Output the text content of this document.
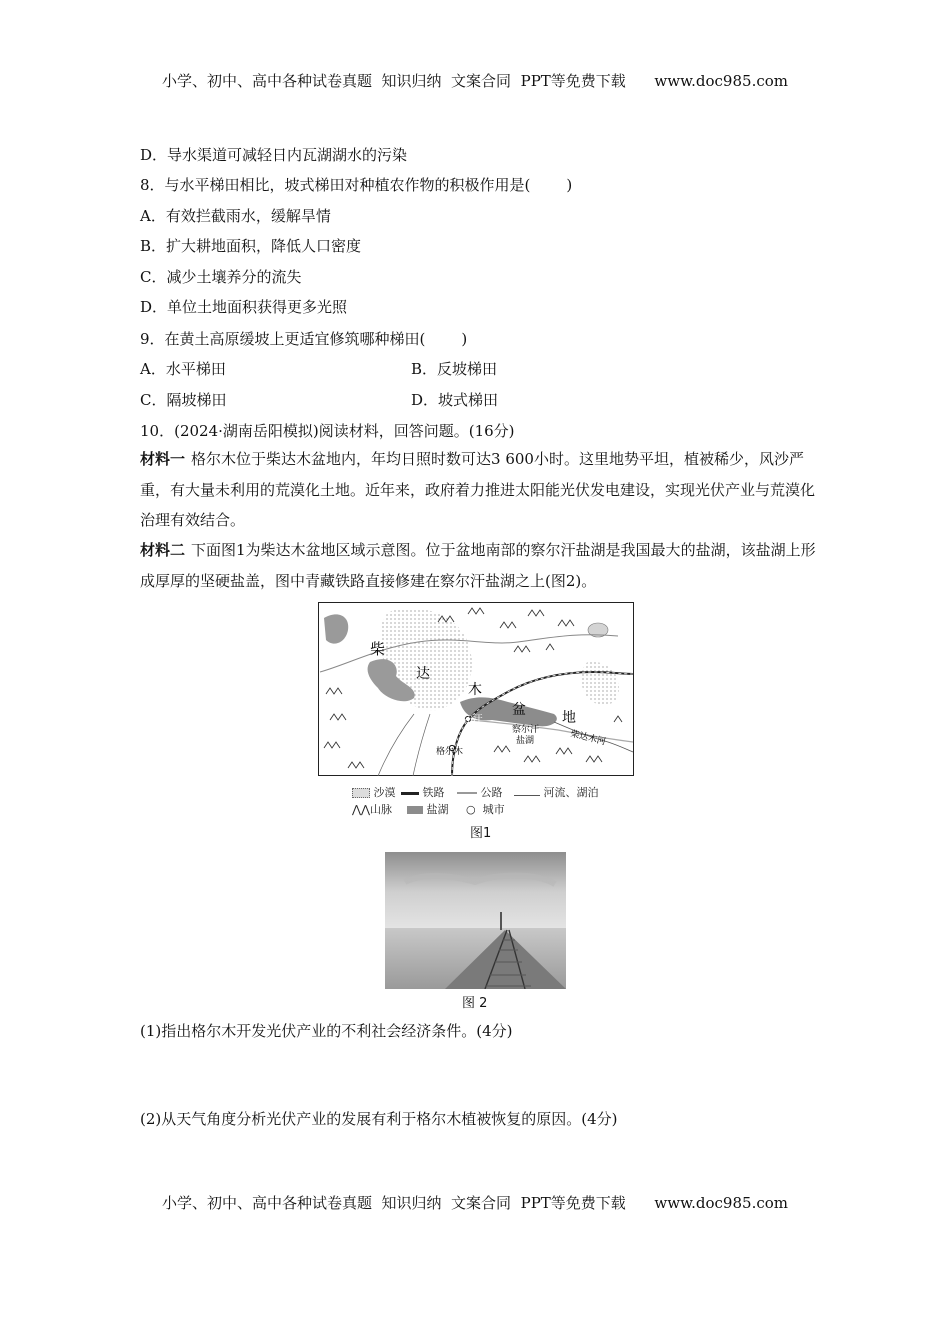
小学、初中、高中各种试卷真题  知识归纳  文案合同  PPT等免费下载      www.doc985.com
D．导水渠道可减轻日内瓦湖湖水的污染
8．与水平梯田相比，坡式梯田对种植农作物的积极作用是( )
A．有效拦截雨水，缓解旱情
B．扩大耕地面积，降低人口密度
C．减少土壤养分的流失
D．单位土地面积获得更多光照
9．在黄土高原缓坡上更适宜修筑哪种梯田( )
A．水平梯田	B．反坡梯田
C．隔坡梯田	D．坡式梯田
10．(2024·湖南岳阳模拟)阅读材料，回答问题。(16分)
材料一 格尔木位于柴达木盆地内，年均日照时数可达3 600小时。这里地势平坦，植被稀少，风沙严重，有大量未利用的荒漠化土地。近年来，政府着力推进太阳能光伏发电建设，实现光伏产业与荒漠化治理有效结合。
材料二 下面图1为柴达木盆地区域示意图。位于盆地南部的察尔汗盐湖是我国最大的盐湖，该盐湖上形成厚厚的坚硬盐盖，图中青藏铁路直接修建在察尔汗盐湖之上(图2)。
柴
达
木
盆	地
察尔汗
格尔木
察尔汗
盐湖	柴达木河
沙漠	铁路	公路	河流、湖泊
⋀⋀山脉	盐湖 ○ 城市
图1
图 2
(1)指出格尔木开发光伏产业的不利社会经济条件。(4分)
(2)从天气角度分析光伏产业的发展有利于格尔木植被恢复的原因。(4分)
小学、初中、高中各种试卷真题  知识归纳  文案合同  PPT等免费下载      www.doc985.com
